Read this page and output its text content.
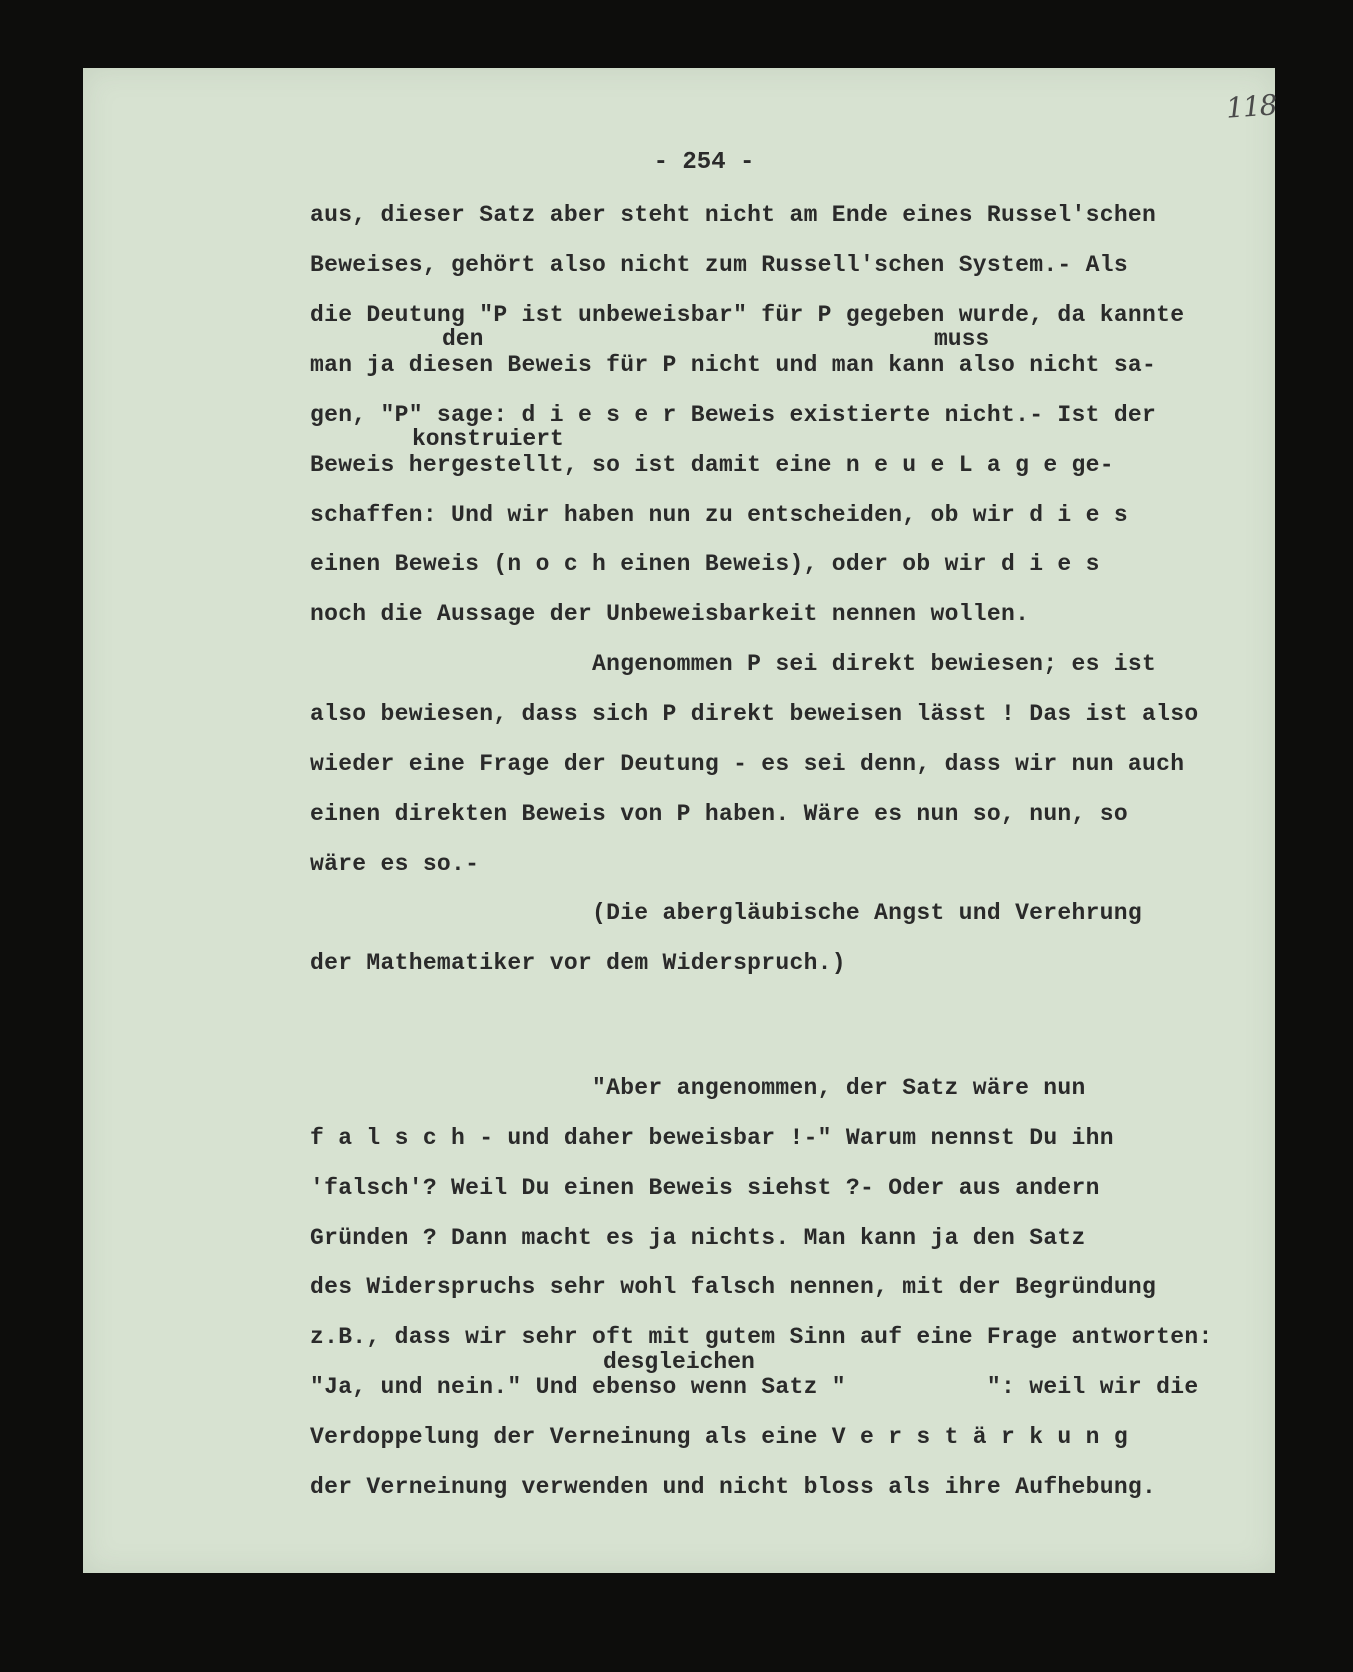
118
- 254 -
aus, dieser Satz aber steht nicht am Ende eines Russel'schen
Beweises, gehört also nicht zum Russell'schen System.- Als
die Deutung "P ist unbeweisbar" für P gegeben wurde, da kannte
den	muss
man ja diesen Beweis für P nicht und man kann also nicht sa-
gen, "P" sage: d i e s e r Beweis existierte nicht.- Ist der
konstruiert
Beweis hergestellt, so ist damit eine n e u e L a g e ge-
schaffen: Und wir haben nun zu entscheiden, ob wir d i e s
einen Beweis (n o c h einen Beweis), oder ob wir d i e s
noch die Aussage der Unbeweisbarkeit nennen wollen.
Angenommen P sei direkt bewiesen; es ist
also bewiesen, dass sich P direkt beweisen lässt ! Das ist also
wieder eine Frage der Deutung - es sei denn, dass wir nun auch
einen direkten Beweis von P haben. Wäre es nun so, nun, so
wäre es so.-
(Die abergläubische Angst und Verehrung
der Mathematiker vor dem Widerspruch.)
"Aber angenommen, der Satz wäre nun
f a l s c h - und daher beweisbar !-" Warum nennst Du ihn
'falsch'? Weil Du einen Beweis siehst ?- Oder aus andern
Gründen ? Dann macht es ja nichts. Man kann ja den Satz
des Widerspruchs sehr wohl falsch nennen, mit der Begründung
z.B., dass wir sehr oft mit gutem Sinn auf eine Frage antworten:
desgleichen
"Ja, und nein." Und ebenso wenn Satz "          ": weil wir die
Verdoppelung der Verneinung als eine V e r s t ä r k u n g
der Verneinung verwenden und nicht bloss als ihre Aufhebung.
